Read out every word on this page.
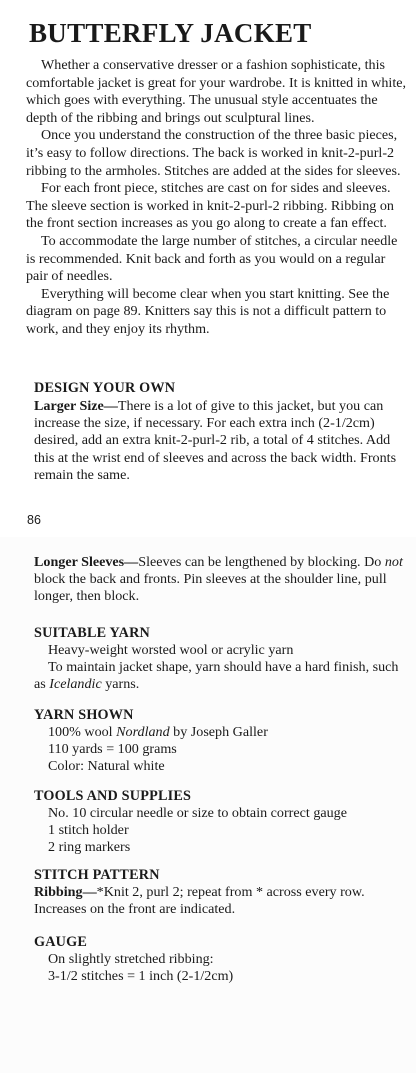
BUTTERFLY JACKET

Whether a conservative dresser or a fashion sophisticate, this comfortable jacket is great for your wardrobe. It is knitted in white, which goes with everything. The unusual style accentuates the depth of the ribbing and brings out sculptural lines.

Once you understand the construction of the three basic pieces, it’s easy to follow directions. The back is worked in knit-2-purl-2 ribbing to the armholes. Stitches are added at the sides for sleeves.

For each front piece, stitches are cast on for sides and sleeves. The sleeve section is worked in knit-2-purl-2 ribbing. Ribbing on the front section increases as you go along to create a fan effect.

To accommodate the large number of stitches, a circular needle is recommended. Knit back and forth as you would on a regular pair of needles.

Everything will become clear when you start knitting. See the diagram on page 89. Knitters say this is not a difficult pattern to work, and they enjoy its rhythm.

DESIGN YOUR OWN
Larger Size—There is a lot of give to this jacket, but you can increase the size, if necessary. For each extra inch (2-1/2cm) desired, add an extra knit-2-purl-2 rib, a total of 4 stitches. Add this at the wrist end of sleeves and across the back width. Fronts remain the same.
86
Longer Sleeves—Sleeves can be lengthened by blocking. Do not block the back and fronts. Pin sleeves at the shoulder line, pull longer, then block.
SUITABLE YARN
Heavy-weight worsted wool or acrylic yarn
To maintain jacket shape, yarn should have a hard finish, such as Icelandic yarns.
YARN SHOWN
100% wool Nordland by Joseph Galler
110 yards = 100 grams
Color: Natural white
TOOLS AND SUPPLIES
No. 10 circular needle or size to obtain correct gauge
1 stitch holder
2 ring markers
STITCH PATTERN
Ribbing—*Knit 2, purl 2; repeat from * across every row. Increases on the front are indicated.
GAUGE
On slightly stretched ribbing:
3-1/2 stitches = 1 inch (2-1/2cm)
